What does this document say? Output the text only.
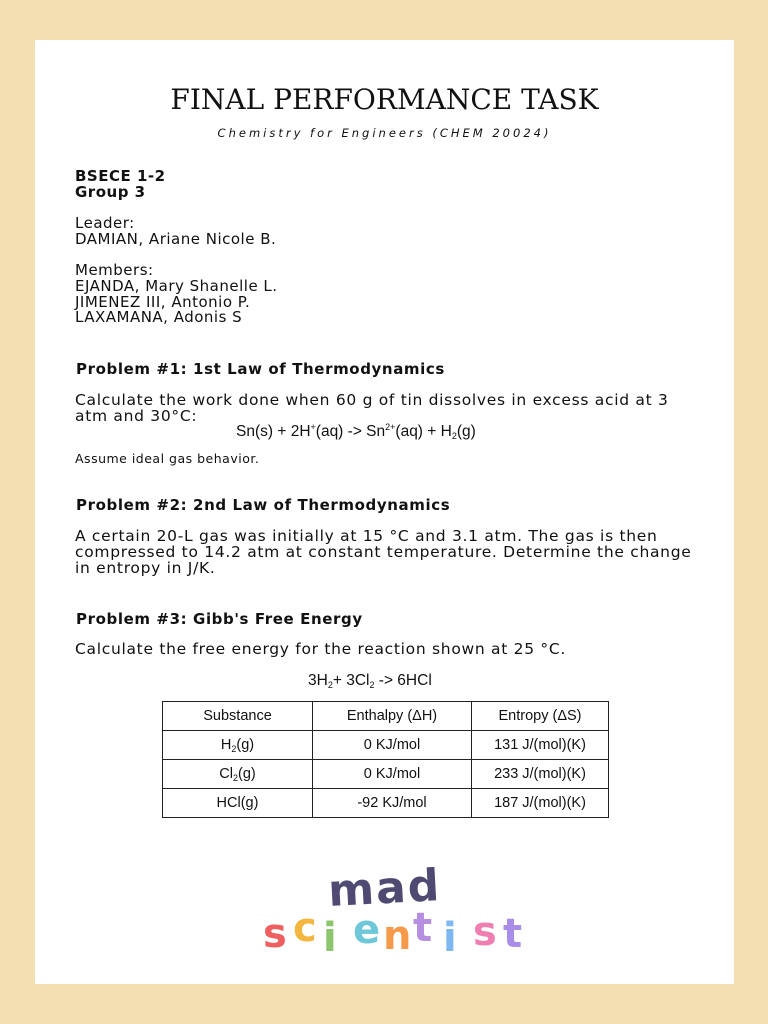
FINAL PERFORMANCE TASK
Chemistry for Engineers (CHEM 20024)
BSECE 1-2
Group 3
Leader:
DAMIAN, Ariane Nicole B.
Members:
EJANDA, Mary Shanelle L.
JIMENEZ III, Antonio P.
LAXAMANA, Adonis S
Problem #1: 1st Law of Thermodynamics
Calculate the work done when 60 g of tin dissolves in excess acid at 3 atm and 30°C:
$Sn(s) + 2H^+(aq) -> Sn^{2+}(aq) + H_2(g)$
Assume ideal gas behavior.
Problem #2: 2nd Law of Thermodynamics
A certain 20-L gas was initially at 15 °C and 3.1 atm. The gas is then compressed to 14.2 atm at constant temperature. Determine the change in entropy in J/K.
Problem #3: Gibb's Free Energy
Calculate the free energy for the reaction shown at 25 °C.
$3H_2+ 3Cl_2 -> 6HCl$
Substance	Enthalpy (ΔH)	Entropy (ΔS)
$H_2(g)$	0 KJ/mol	131 J/(mol)(K)
$Cl_2(g)$	0 KJ/mol	233 J/(mol)(K)
HCl(g)	-92 KJ/mol	187 J/(mol)(K)
mad
s c i e n t i s t
